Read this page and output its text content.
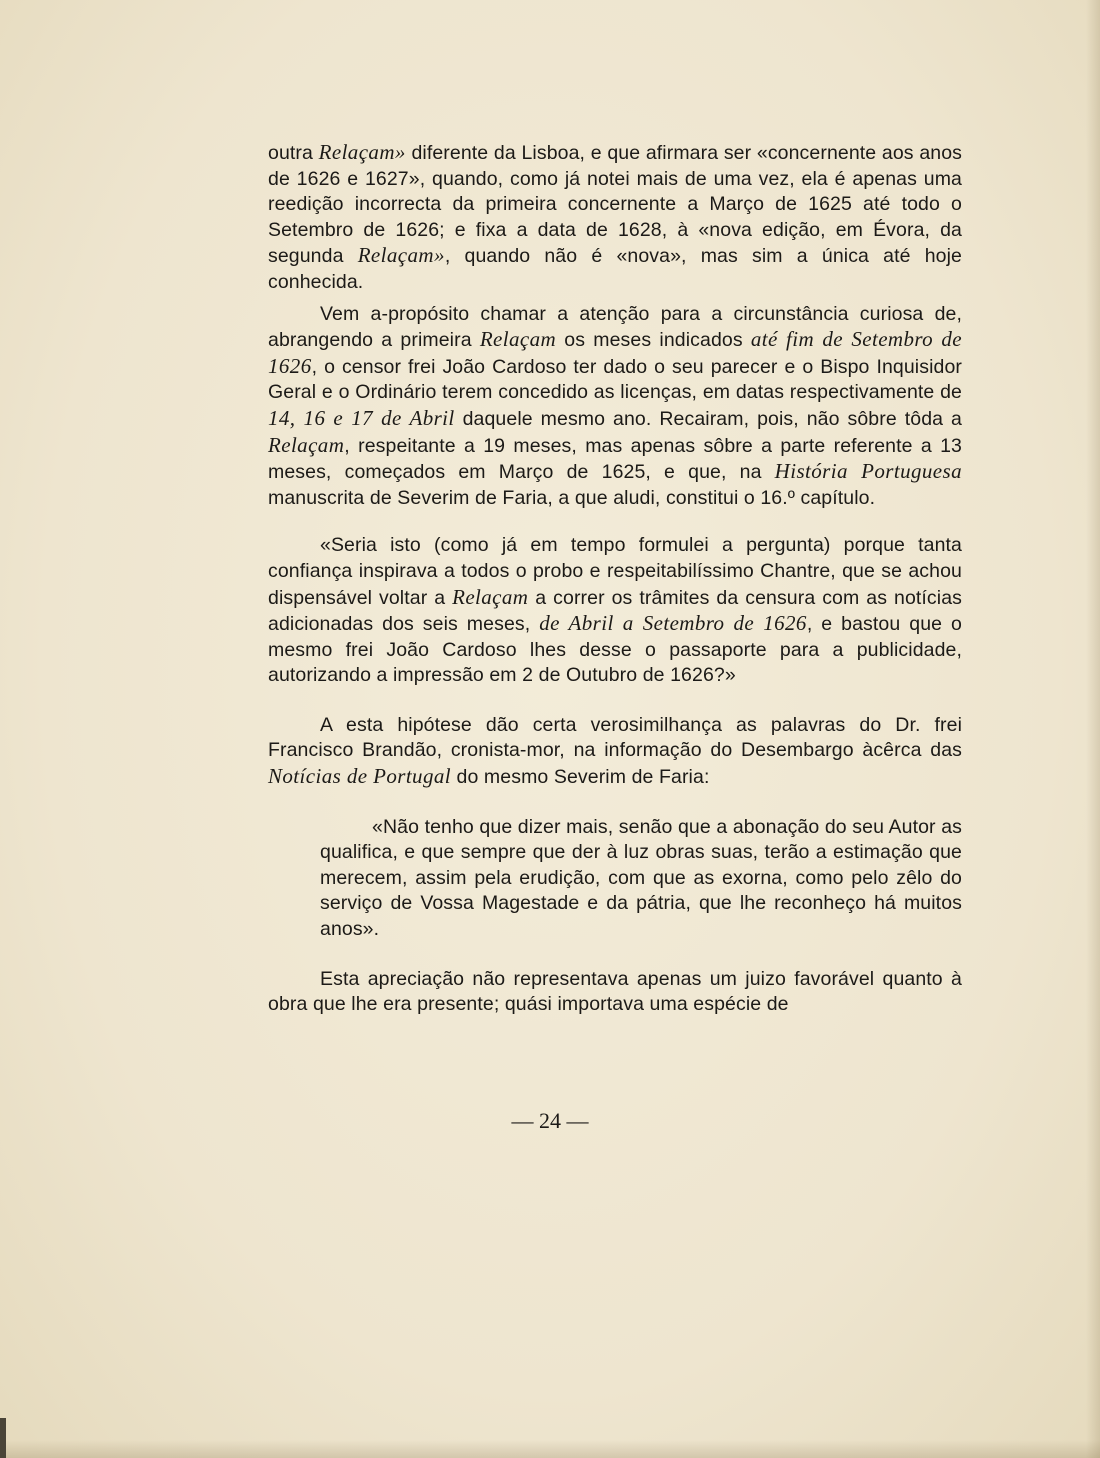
outra Relaçam» diferente da Lisboa, e que afirmara ser «concernente aos anos de 1626 e 1627», quando, como já notei mais de uma vez, ela é apenas uma reedição incorrecta da primeira concernente a Março de 1625 até todo o Setembro de 1626; e fixa a data de 1628, à «nova edição, em Évora, da segunda Relaçam», quando não é «nova», mas sim a única até hoje conhecida.

Vem a-propósito chamar a atenção para a circunstância curiosa de, abrangendo a primeira Relaçam os meses indicados até fim de Setembro de 1626, o censor frei João Cardoso ter dado o seu parecer e o Bispo Inquisidor Geral e o Ordinário terem concedido as licenças, em datas respectivamente de 14, 16 e 17 de Abril daquele mesmo ano. Recairam, pois, não sôbre tôda a Relaçam, respeitante a 19 meses, mas apenas sôbre a parte referente a 13 meses, começados em Março de 1625, e que, na História Portuguesa manuscrita de Severim de Faria, a que aludi, constitui o 16.º capítulo.

«Seria isto (como já em tempo formulei a pergunta) porque tanta confiança inspirava a todos o probo e respeitabilíssimo Chantre, que se achou dispensável voltar a Relaçam a correr os trâmites da censura com as notícias adicionadas dos seis meses, de Abril a Setembro de 1626, e bastou que o mesmo frei João Cardoso lhes desse o passaporte para a publicidade, autorizando a impressão em 2 de Outubro de 1626?»

A esta hipótese dão certa verosimilhança as palavras do Dr. frei Francisco Brandão, cronista-mor, na informação do Desembargo àcêrca das Notícias de Portugal do mesmo Severim de Faria:

«Não tenho que dizer mais, senão que a abonação do seu Autor as qualifica, e que sempre que der à luz obras suas, terão a estimação que merecem, assim pela erudição, com que as exorna, como pelo zêlo do serviço de Vossa Magestade e da pátria, que lhe reconheço há muitos anos».

Esta apreciação não representava apenas um juizo favorável quanto à obra que lhe era presente; quási importava uma espécie de

— 24 —
